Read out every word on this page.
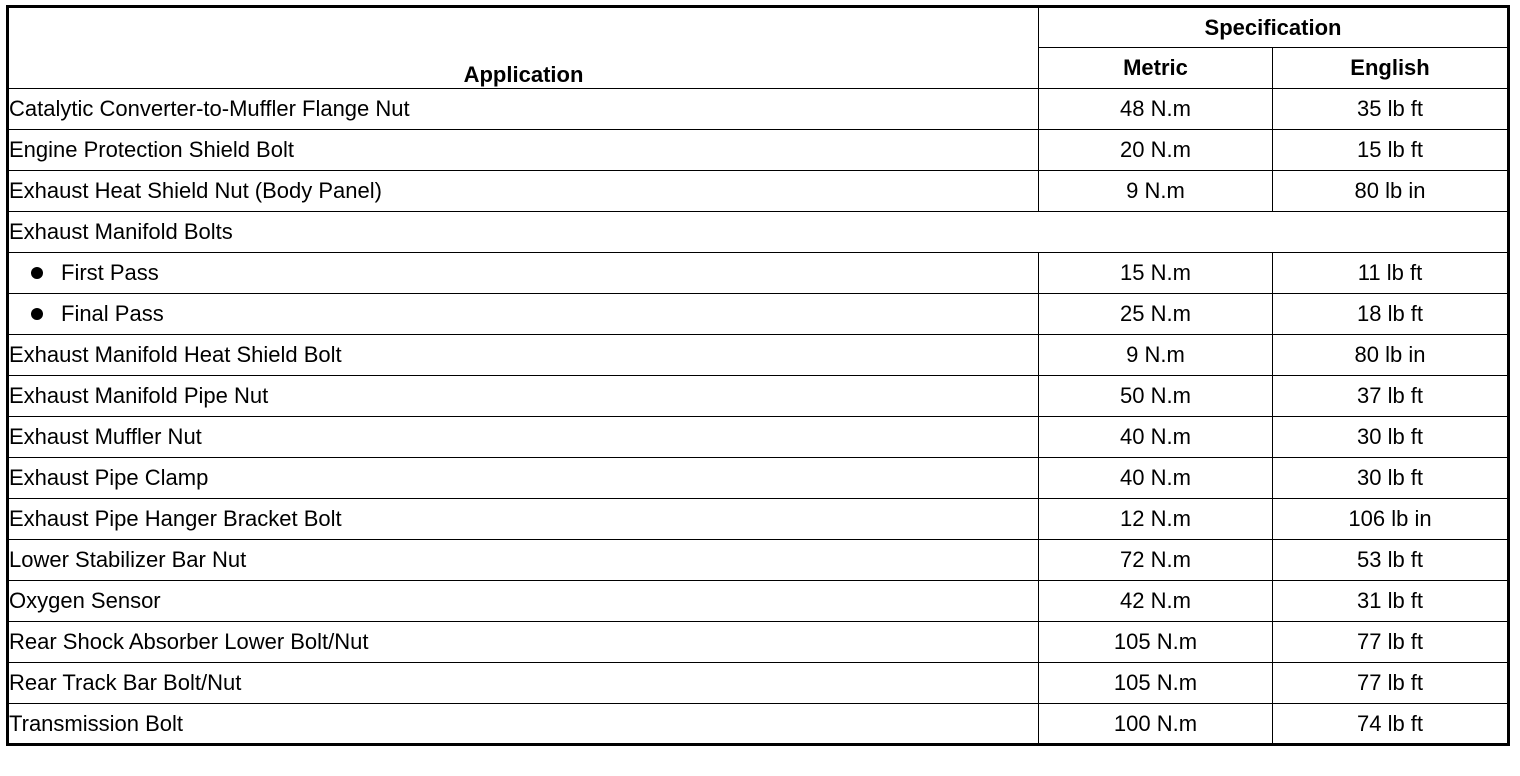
Application	Specification	
	Metric	English
Catalytic Converter-to-Muffler Flange Nut	48 N.m	35 lb ft
Engine Protection Shield Bolt	20 N.m	15 lb ft
Exhaust Heat Shield Nut (Body Panel)	9 N.m	80 lb in
Exhaust Manifold Bolts		
First Pass	15 N.m	11 lb ft
Final Pass	25 N.m	18 lb ft
Exhaust Manifold Heat Shield Bolt	9 N.m	80 lb in
Exhaust Manifold Pipe Nut	50 N.m	37 lb ft
Exhaust Muffler Nut	40 N.m	30 lb ft
Exhaust Pipe Clamp	40 N.m	30 lb ft
Exhaust Pipe Hanger Bracket Bolt	12 N.m	106 lb in
Lower Stabilizer Bar Nut	72 N.m	53 lb ft
Oxygen Sensor	42 N.m	31 lb ft
Rear Shock Absorber Lower Bolt/Nut	105 N.m	77 lb ft
Rear Track Bar Bolt/Nut	105 N.m	77 lb ft
Transmission Bolt	100 N.m	74 lb ft
